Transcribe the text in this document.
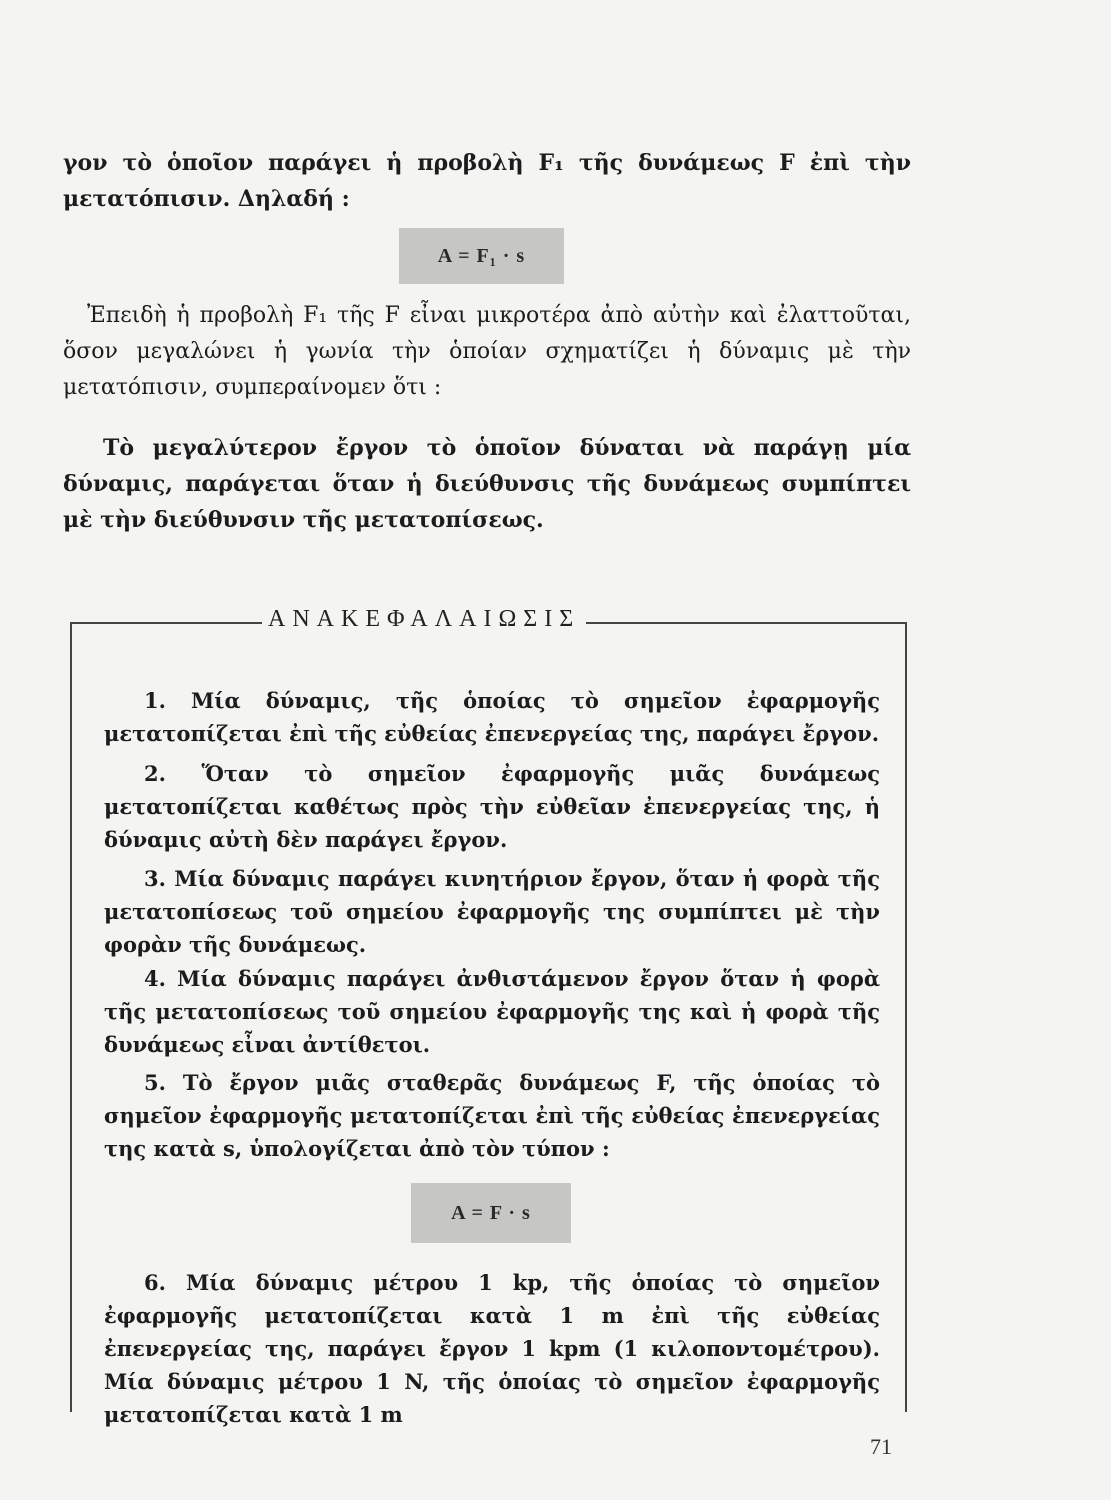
γον τὸ ὁποῖον παράγει ἡ προβολὴ F₁ τῆς δυνάμεως F ἐπὶ τὴν μετατόπισιν. Δηλαδή :

A = F₁ · s

Ἐπειδὴ ἡ προβολὴ F₁ τῆς F εἶναι μικροτέρα ἀπὸ αὐτὴν καὶ ἐλαττοῦται, ὅσον μεγαλώνει ἡ γωνία τὴν ὁποίαν σχηματίζει ἡ δύναμις μὲ τὴν μετατόπισιν, συμπεραίνομεν ὅτι :

Τὸ μεγαλύτερον ἔργον τὸ ὁποῖον δύναται νὰ παράγῃ μία δύναμις, παράγεται ὅταν ἡ διεύθυνσις τῆς δυνάμεως συμπίπτει μὲ τὴν διεύθυνσιν τῆς μετατοπίσεως.

ΑΝΑΚΕΦΑΛΑΙΩΣΙΣ

1. Μία δύναμις, τῆς ὁποίας τὸ σημεῖον ἐφαρμογῆς μετατοπίζεται ἐπὶ τῆς εὐθείας ἐπενεργείας της, παράγει ἔργον.

2. Ὅταν τὸ σημεῖον ἐφαρμογῆς μιᾶς δυνάμεως μετατοπίζεται καθέτως πρὸς τὴν εὐθεῖαν ἐπενεργείας της, ἡ δύναμις αὐτὴ δὲν παράγει ἔργον.

3. Μία δύναμις παράγει κινητήριον ἔργον, ὅταν ἡ φορὰ τῆς μετατοπίσεως τοῦ σημείου ἐφαρμογῆς της συμπίπτει μὲ τὴν φορὰν τῆς δυνάμεως.

4. Μία δύναμις παράγει ἀνθιστάμενον ἔργον ὅταν ἡ φορὰ τῆς μετατοπίσεως τοῦ σημείου ἐφαρμογῆς της καὶ ἡ φορὰ τῆς δυνάμεως εἶναι ἀντίθετοι.

5. Τὸ ἔργον μιᾶς σταθερᾶς δυνάμεως F, τῆς ὁποίας τὸ σημεῖον ἐφαρμογῆς μετατοπίζεται ἐπὶ τῆς εὐθείας ἐπενεργείας της κατὰ s, ὑπολογίζεται ἀπὸ τὸν τύπον :

A = F · s

6. Μία δύναμις μέτρου 1 kp, τῆς ὁποίας τὸ σημεῖον ἐφαρμογῆς μετατοπίζεται κατὰ 1 m ἐπὶ τῆς εὐθείας ἐπενεργείας της, παράγει ἔργον 1 kpm (1 κιλοποντομέτρου). Μία δύναμις μέτρου 1 N, τῆς ὁποίας τὸ σημεῖον ἐφαρμογῆς μετατοπίζεται κατὰ 1 m

71
